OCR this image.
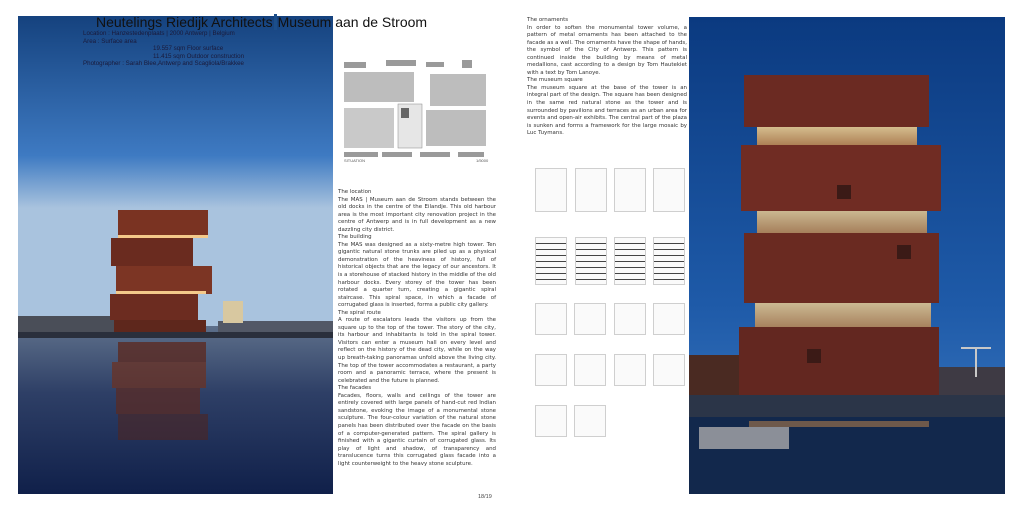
Neutelings Riedijk Architects Museum aan de Stroom
Location : Hanzestedenplaats | 2000 Antwerp | Belgium
Area : Surface area
19.557 sqm Floor surface
11.415 sqm Outdoor construction
Photographer : Sarah Blee,Antwerp and Scagliola/Brakkee
SITUATION	1/5000

The location

The MAS | Museum aan de Stroom stands between the old docks in the centre of the Eilandje. This old harbour area is the most important city renovation project in the centre of Antwerp and is in full development as a new dazzling city district.

The building

The MAS was designed as a sixty-metre high tower. Ten gigantic natural stone trunks are piled up as a physical demonstration of the heaviness of history, full of historical objects that are the legacy of our ancestors. It is a storehouse of stacked history in the middle of the old harbour docks. Every storey of the tower has been rotated a quarter turn, creating a gigantic spiral staircase. This spiral space, in which a facade of corrugated glass is inserted, forms a public city gallery.

The spiral route

A route of escalators leads the visitors up from the square up to the top of the tower. The story of the city, its harbour and inhabitants is told in the spiral tower. Visitors can enter a museum hall on every level and reflect on the history of the dead city, while on the way up breath-taking panoramas unfold above the living city. The top of the tower accommodates a restaurant, a party room and a panoramic terrace, where the present is celebrated and the future is planned.

The facades

Facades, floors, walls and ceilings of the tower are entirely covered with large panels of hand-cut red Indian sandstone, evoking the image of a monumental stone sculpture. The four-colour variation of the natural stone panels has been distributed over the facade on the basis of a computer-generated pattern. The spiral gallery is finished with a gigantic curtain of corrugated glass. Its play of light and shadow, of transparency and translucence turns this corrugated glass facade into a light counterweight to the heavy stone sculpture.

18/19

The ornaments

In order to soften the monumental tower volume, a pattern of metal ornaments has been attached to the facade as a well. The ornaments have the shape of hands, the symbol of the City of Antwerp. This pattern is continued inside the building by means of metal medallions, cast according to a design by Tom Hautekiet with a text by Tom Lanoye.

The museum square

The museum square at the base of the tower is an integral part of the design. The square has been designed in the same red natural stone as the tower and is surrounded by pavilions and terraces as an urban area for events and open-air exhibits. The central part of the plaza is sunken and forms a framework for the large mosaic by Luc Tuymans.
